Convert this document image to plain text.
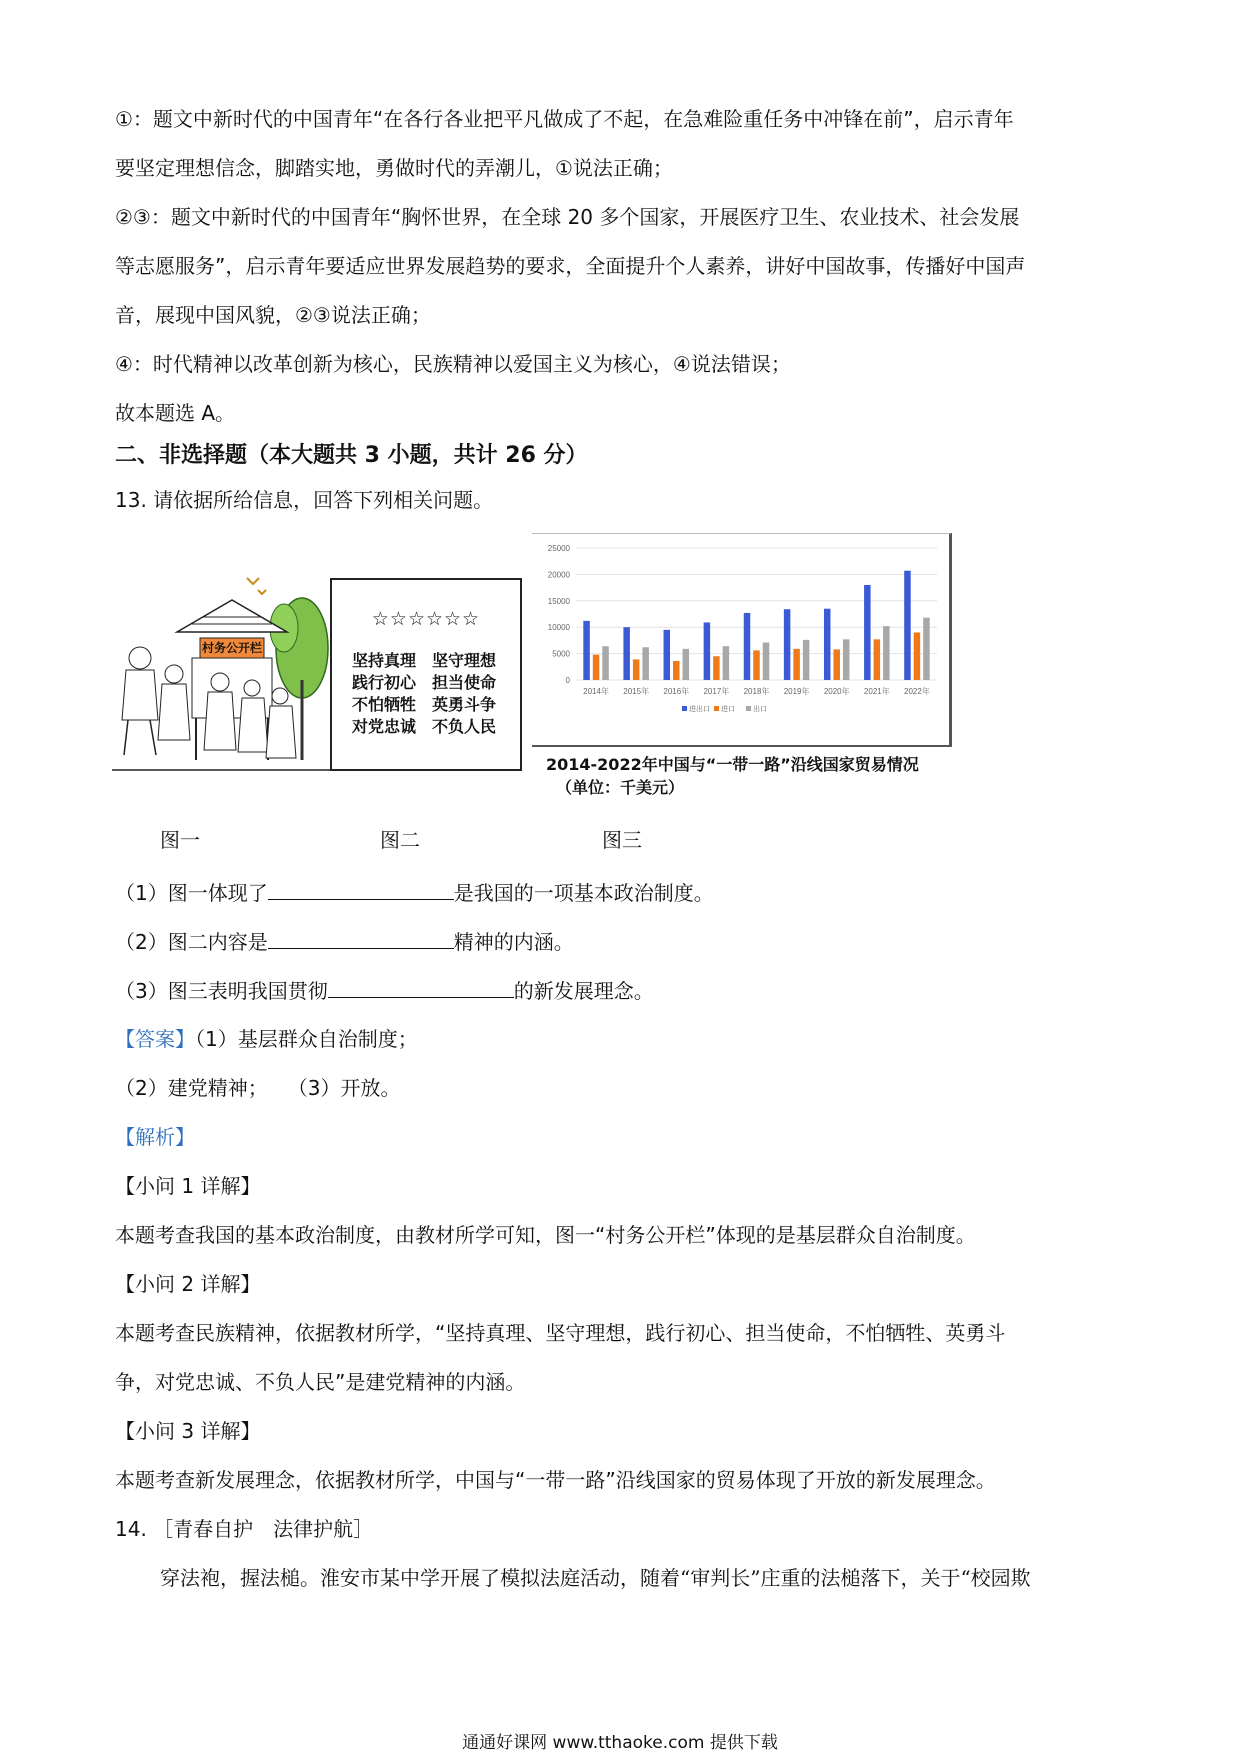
①：题文中新时代的中国青年“在各行各业把平凡做成了不起，在急难险重任务中冲锋在前”，启示青年
要坚定理想信念，脚踏实地，勇做时代的弄潮儿，①说法正确；
②③：题文中新时代的中国青年“胸怀世界，在全球 20 多个国家，开展医疗卫生、农业技术、社会发展
等志愿服务”，启示青年要适应世界发展趋势的要求，全面提升个人素养，讲好中国故事，传播好中国声
音，展现中国风貌，②③说法正确；
④：时代精神以改革创新为核心，民族精神以爱国主义为核心，④说法错误；
故本题选 A。
二、非选择题（本大题共 3 小题，共计 26 分）
13. 请依据所给信息，回答下列相关问题。
村务公开栏
☆☆☆☆☆☆
坚持真理　坚守理想
践行初心　担当使命
不怕牺牲　英勇斗争
对党忠诚　不负人民
25000
20000
15000
10000
5000
0
2014年 2015年 2016年 2017年 2018年 2019年 2020年 2021年 2022年
进出口 进口	出口
2014-2022年中国与“一带一路”沿线国家贸易情况
（单位：千美元）
图一	图二	图三
（1）图一体现了	是我国的一项基本政治制度。
（2）图二内容是	精神的内涵。
（3）图三表明我国贯彻	的新发展理念。
【答案】（1）基层群众自治制度；
（2）建党精神；　　（3）开放。
【解析】
【小问 1 详解】
本题考查我国的基本政治制度，由教材所学可知，图一“村务公开栏”体现的是基层群众自治制度。
【小问 2 详解】
本题考查民族精神，依据教材所学，“坚持真理、坚守理想，践行初心、担当使命，不怕牺牲、英勇斗
争，对党忠诚、不负人民”是建党精神的内涵。
【小问 3 详解】
本题考查新发展理念，依据教材所学，中国与“一带一路”沿线国家的贸易体现了开放的新发展理念。
14. ［青春自护　法律护航］
穿法袍，握法槌。淮安市某中学开展了模拟法庭活动，随着“审判长”庄重的法槌落下，关于“校园欺
通通好课网 www.tthaoke.com 提供下载
